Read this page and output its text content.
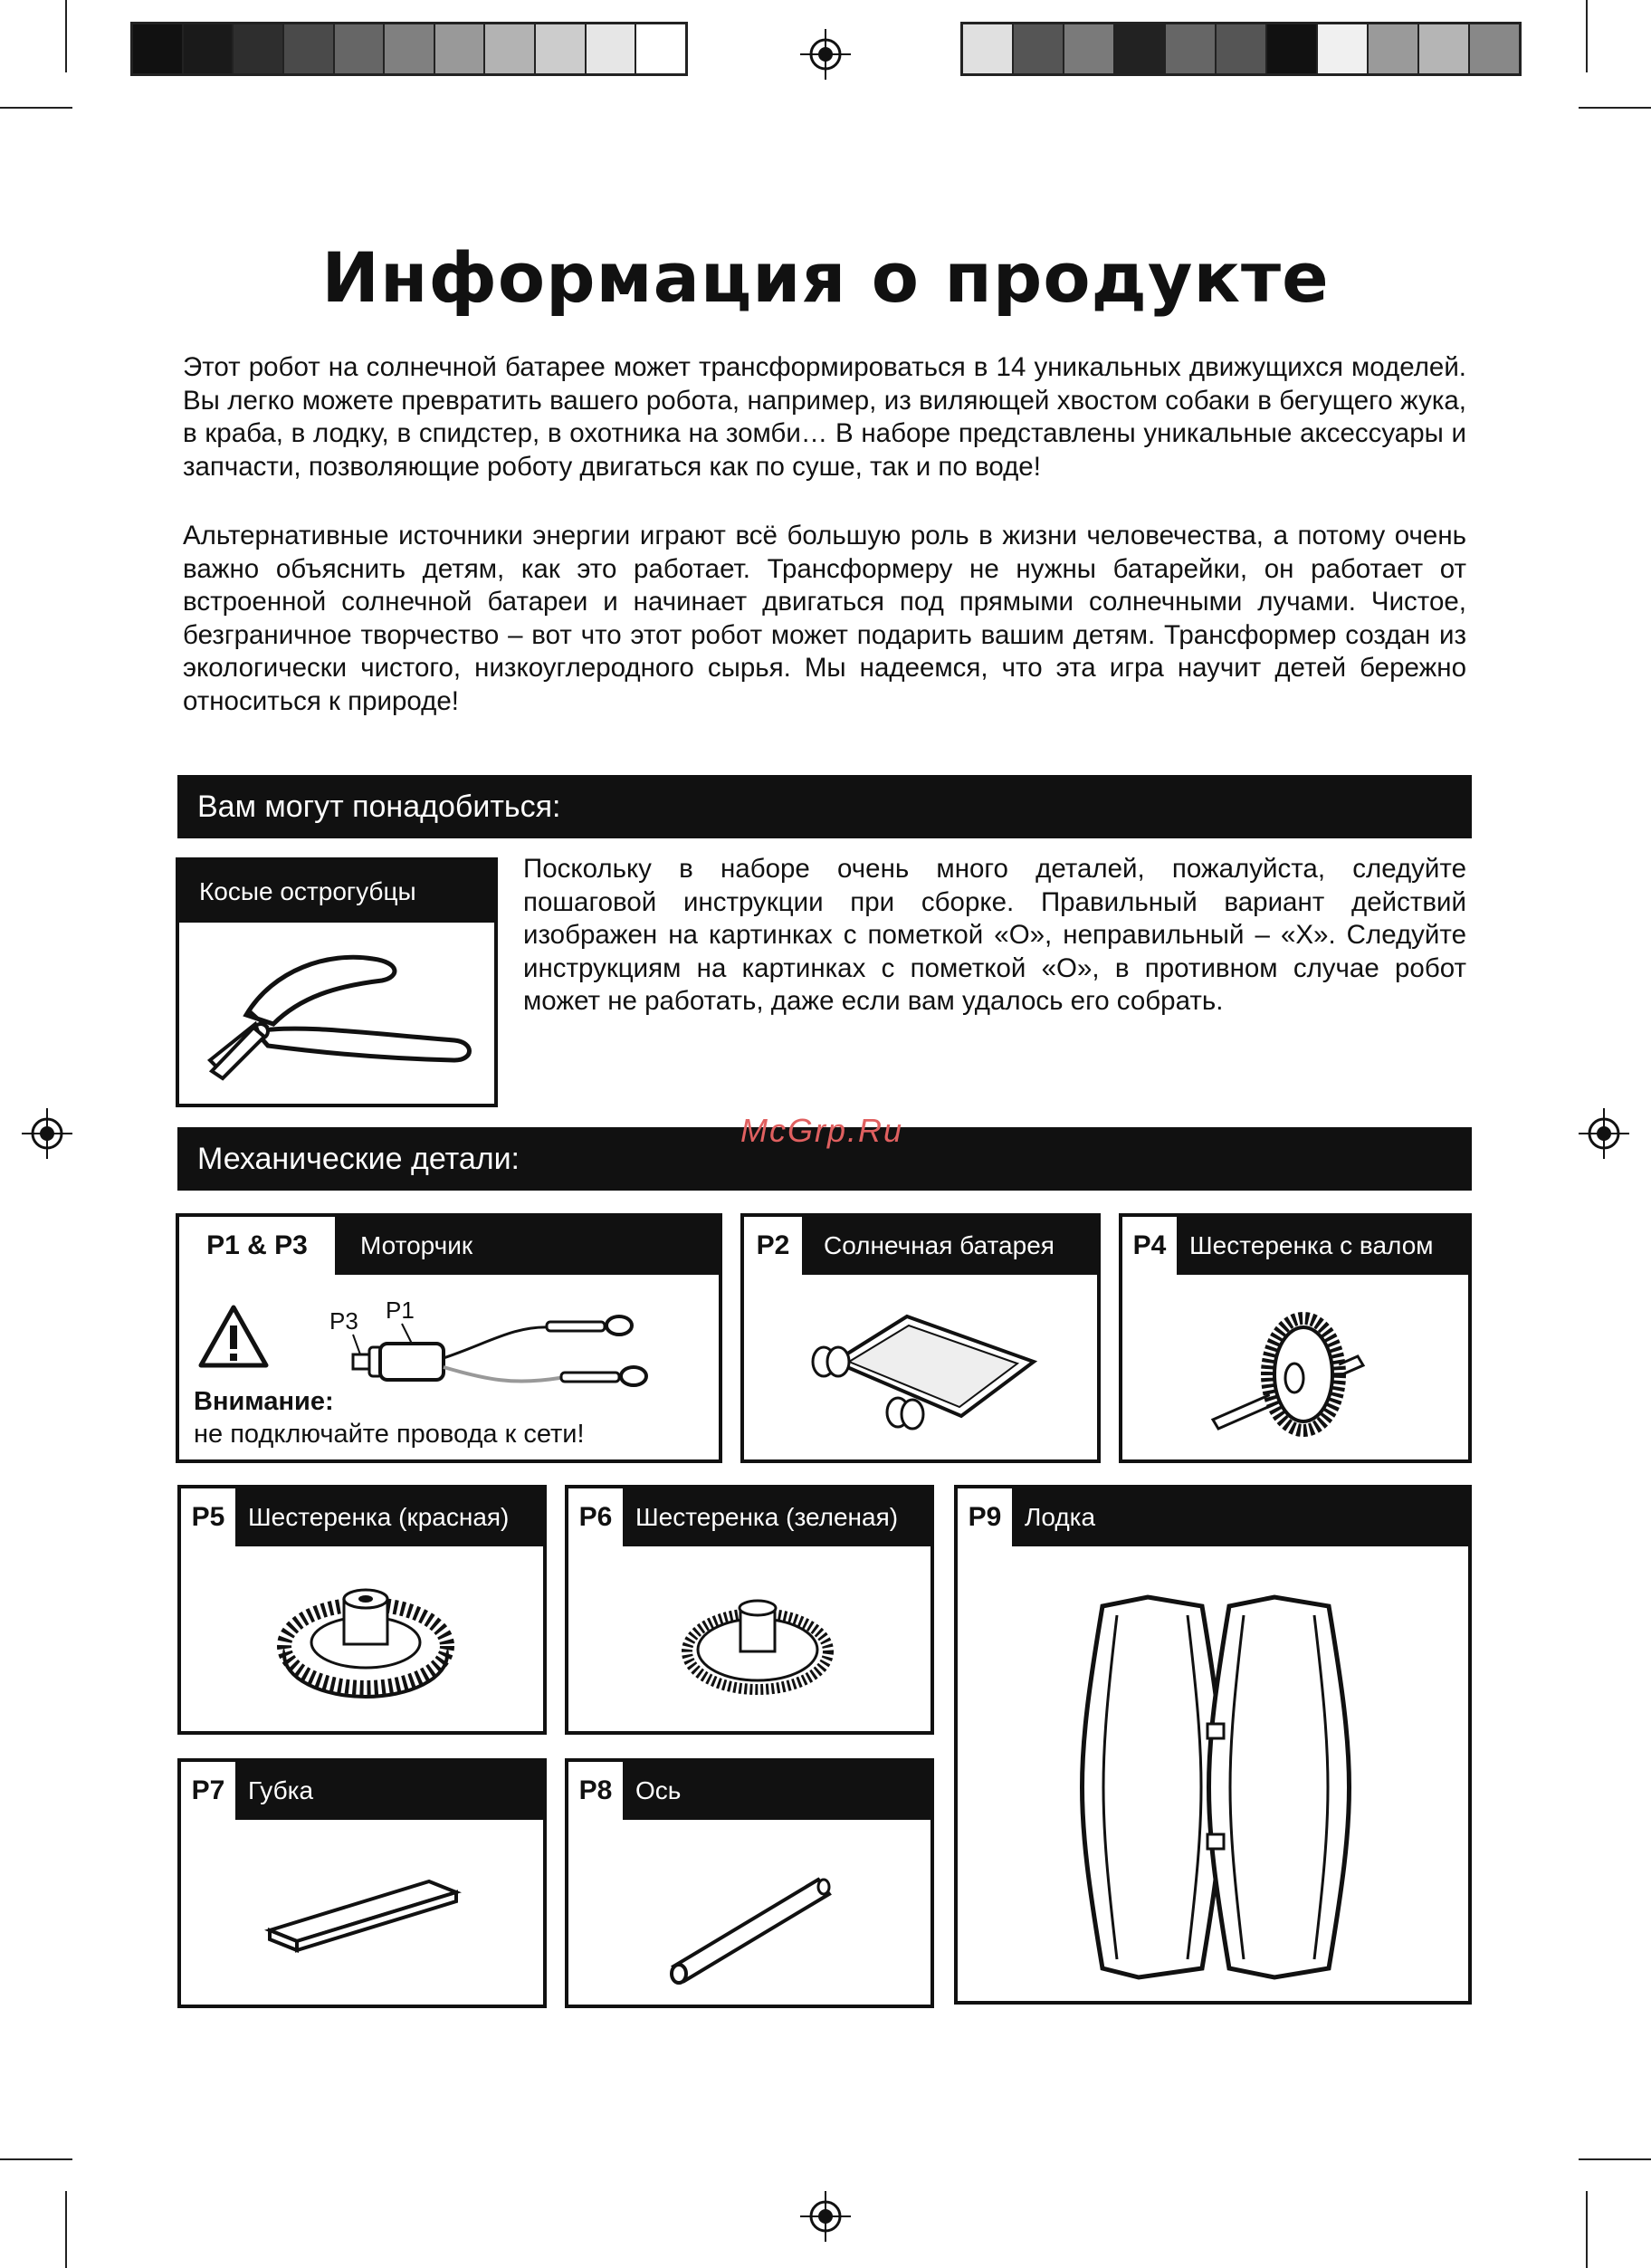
Информация о продукте

Этот робот на солнечной батарее может трансформироваться в 14 уникальных движущихся моделей. Вы легко можете превратить вашего робота, например, из виляющей хвостом собаки в бегущего жука, в краба, в лодку, в спидстер, в охотника на зомби… В наборе представлены уникальные аксессуары и запчасти, позволяющие роботу двигаться как по суше, так и по воде!

Альтернативные источники энергии играют всё большую роль в жизни человечества, а потому очень важно объяснить детям, как это работает. Трансформеру не нужны батарейки, он работает от встроенной солнечной батареи и начинает двигаться под прямыми солнечными лучами. Чистое, безграничное творчество – вот что этот робот может подарить вашим детям. Трансформер создан из экологически чистого, низкоуглеродного сырья. Мы надеемся, что эта игра научит детей бережно относиться к природе!

Вам могут понадобиться:
Косые острогубцы

Поскольку в наборе очень много деталей, пожалуйста, следуйте пошаговой инструкции при сборке. Правильный вариант действий изображен на картинках с пометкой «О», неправильный – «Х». Следуйте инструкциям на картинках с пометкой «О», в противном случае робот может не работать, даже если вам удалось его собрать.

Механические детали:
McGrp.Ru
P1 & P3	Моторчик
P3 P1
Внимание:
не подключайте провода к сети!
P2	Солнечная батарея	P4 Шестеренка с валом
P5 Шестеренка (красная)	P6 Шестеренка (зеленая)	P9 Лодка
P7 Губка	P8 Ось
